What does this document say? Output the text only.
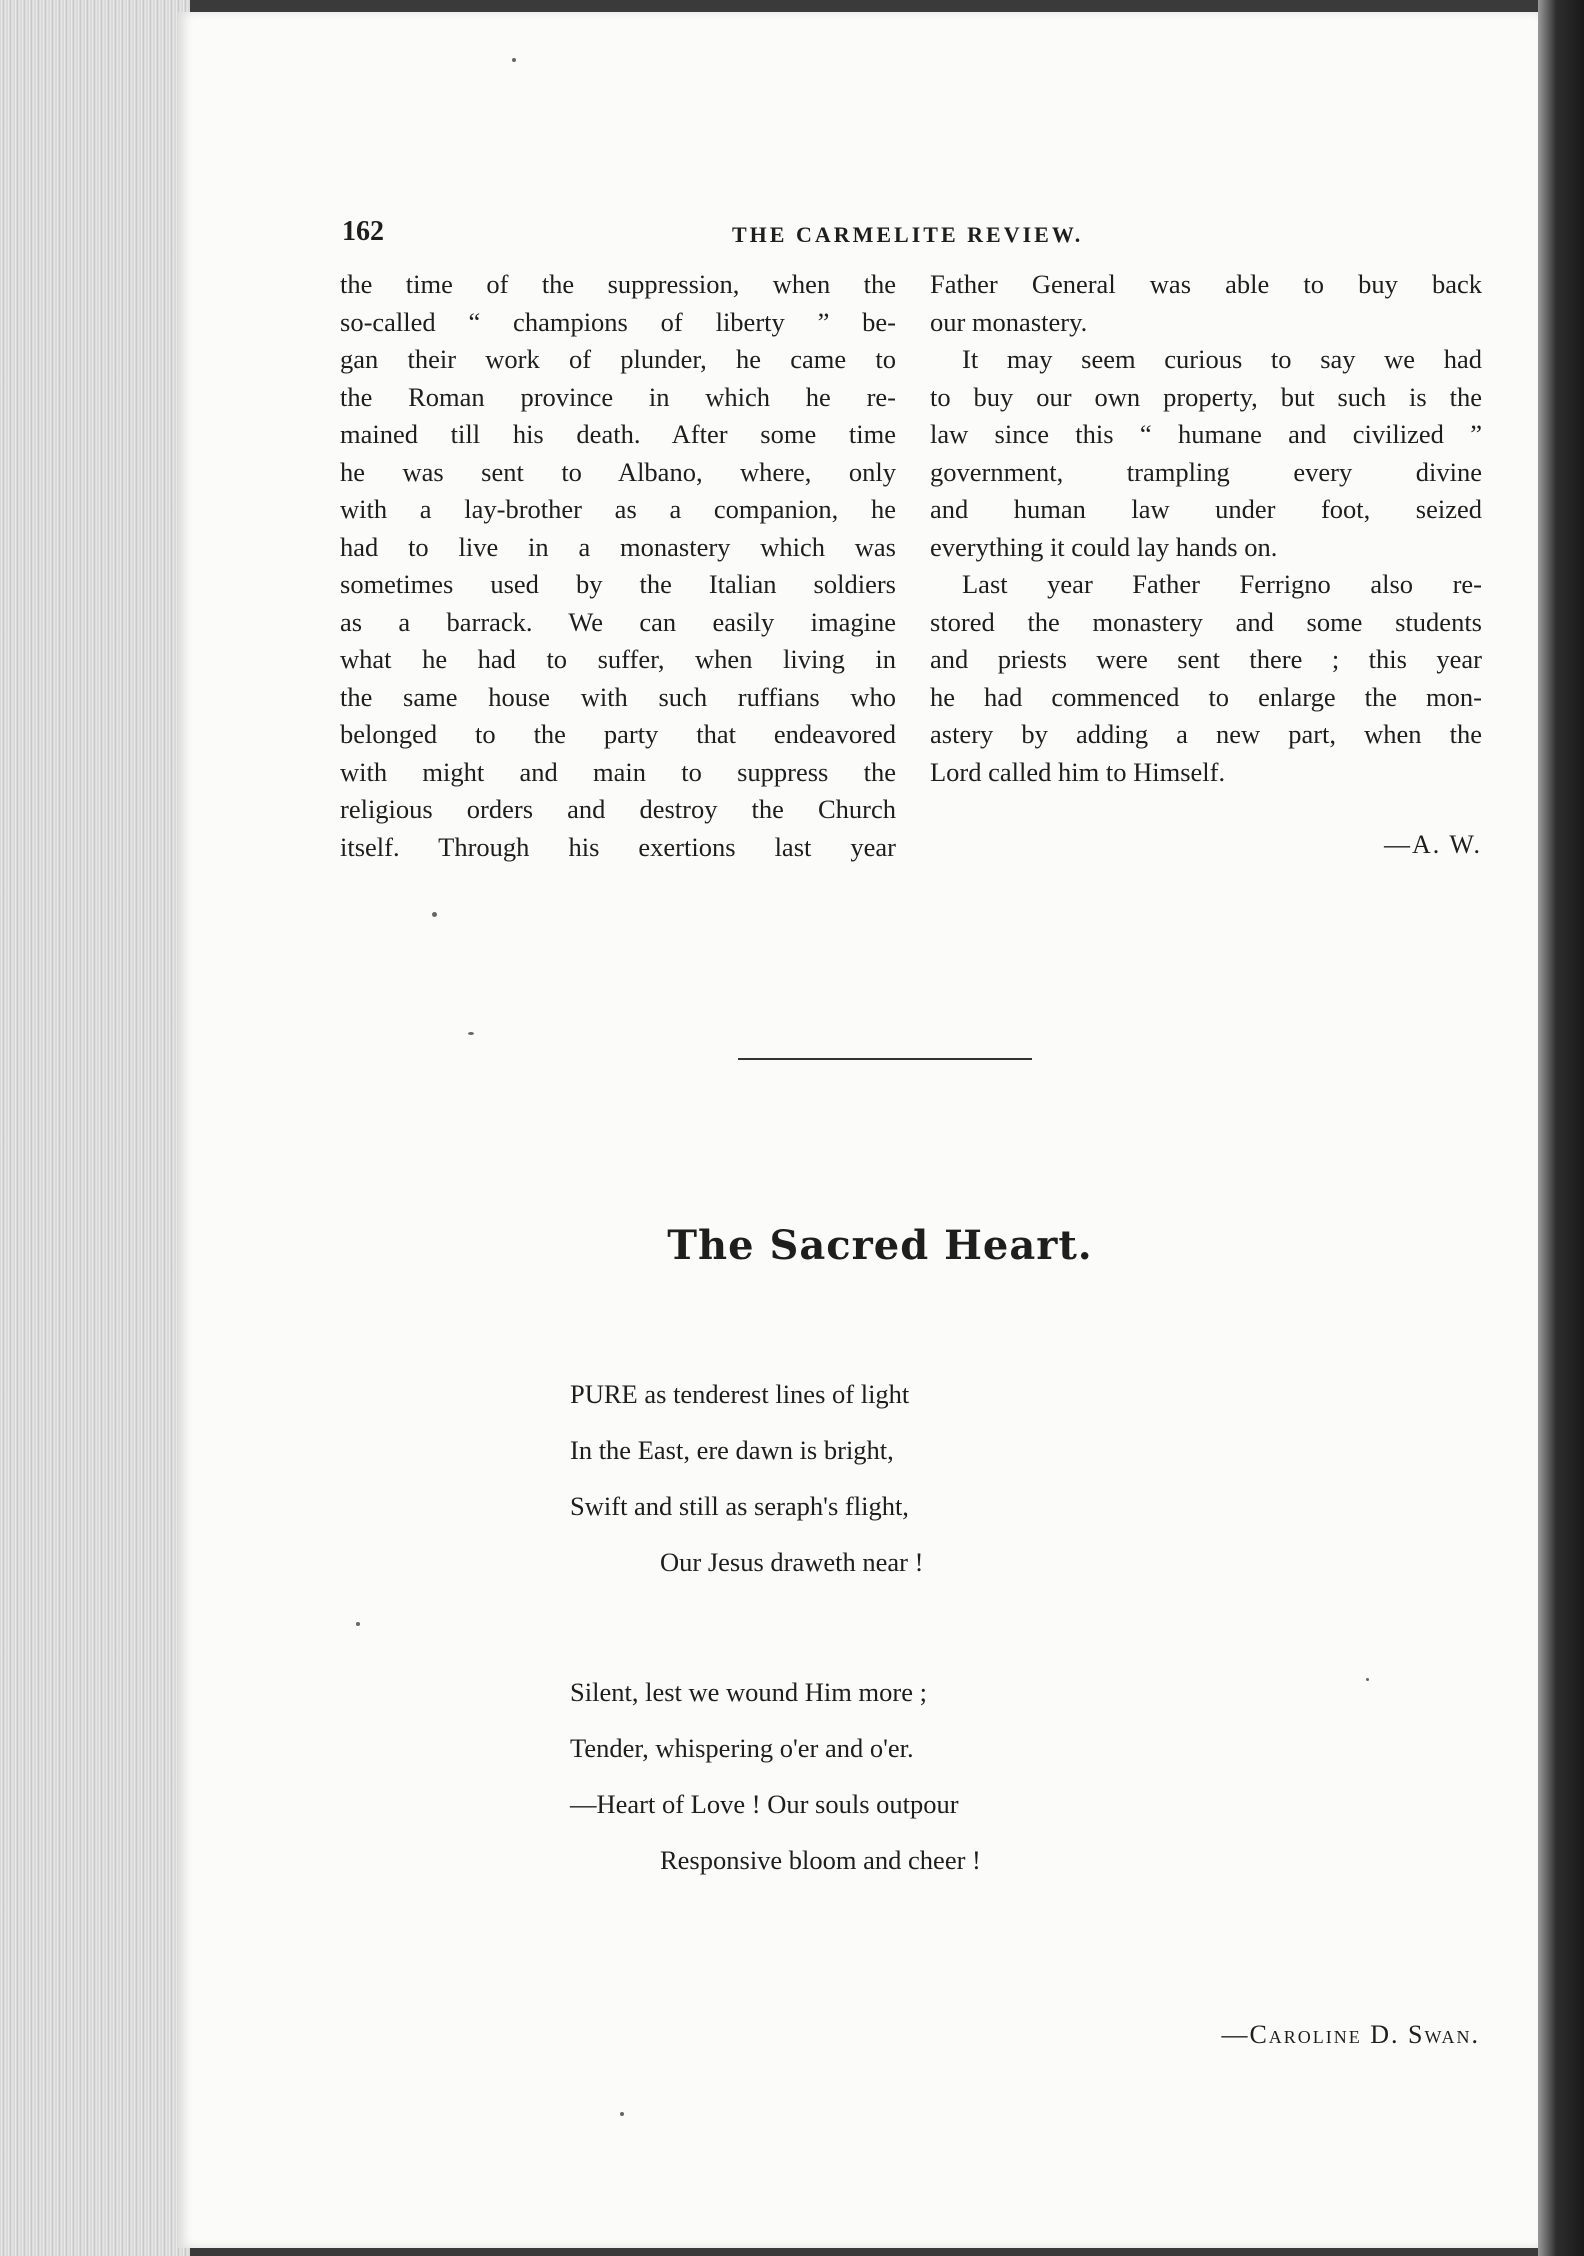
162	THE CARMELITE REVIEW.

the time of the suppression, when the
so-called “ champions of liberty ” be-
gan their work of plunder, he came to
the Roman province in which he re-
mained till his death. After some time
he was sent to Albano, where, only
with a lay-brother as a companion, he
had to live in a monastery which was
sometimes used by the Italian soldiers
as a barrack. We can easily imagine
what he had to suffer, when living in
the same house with such ruffians who
belonged to the party that endeavored
with might and main to suppress the
religious orders and destroy the Church
itself. Through his exertions last year

Father General was able to buy back
our monastery.

It may seem curious to say we had
to buy our own property, but such is the
law since this “ humane and civilized ”
government, trampling every divine
and human law under foot, seized
everything it could lay hands on.

Last year Father Ferrigno also re-
stored the monastery and some students
and priests were sent there ; this year
he had commenced to enlarge the mon-
astery by adding a new part, when the
Lord called him to Himself.

—A. W.
The Sacred Heart.
PURE as tenderest lines of light
In the East, ere dawn is bright,
Swift and still as seraph's flight,
Our Jesus draweth near !
Silent, lest we wound Him more ;
Tender, whispering o'er and o'er.
—Heart of Love ! Our souls outpour
Responsive bloom and cheer !
—Caroline D. Swan.
